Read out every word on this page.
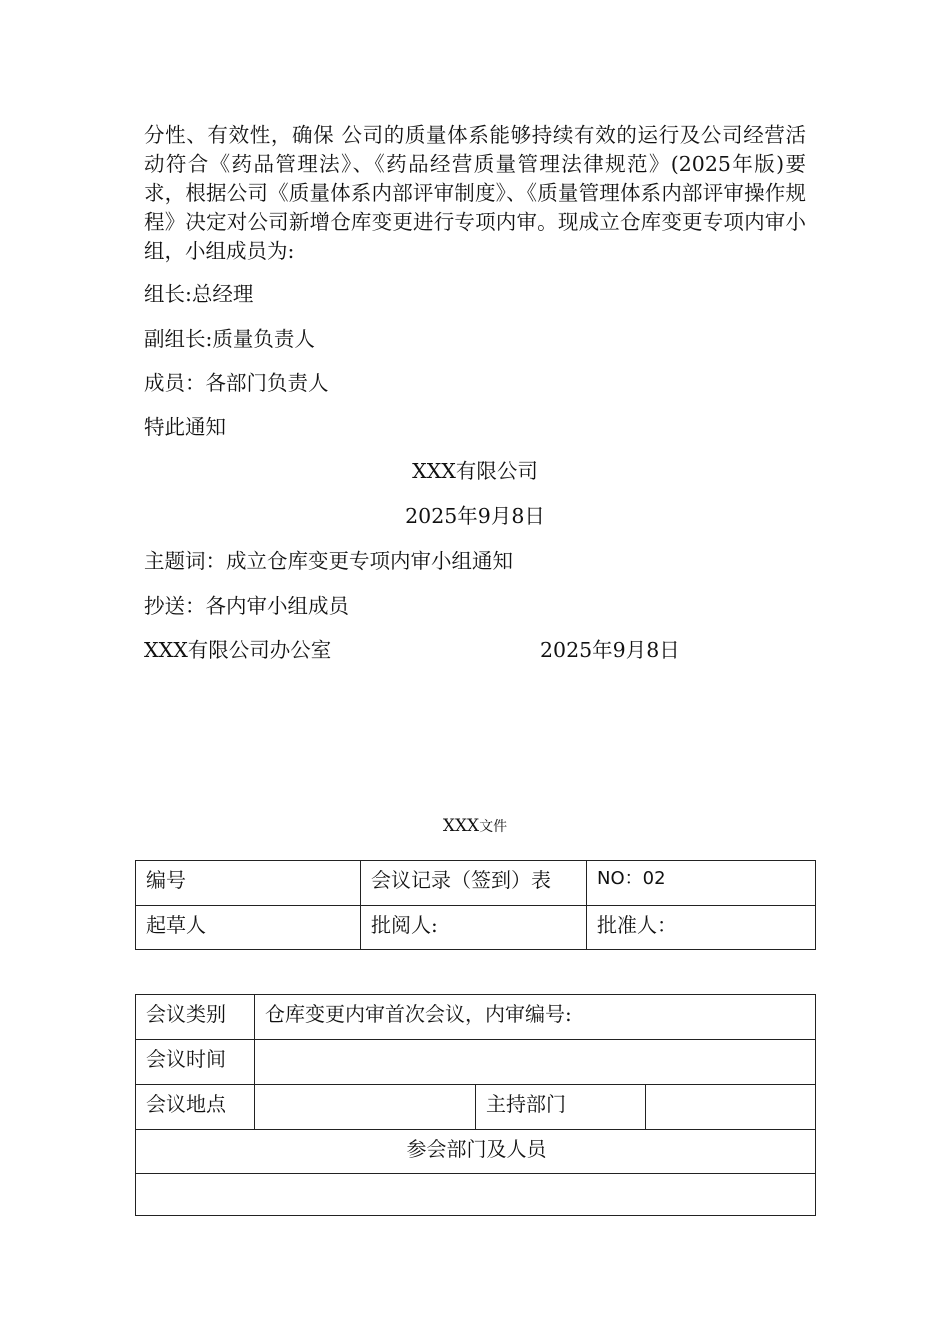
分性、有效性，确保 公司的质量体系能够持续有效的运行及公司经营活动符合《药品管理法》、《药品经营质量管理法律规范》(2025年版)要求，根据公司《质量体系内部评审制度》、《质量管理体系内部评审操作规程》决定对公司新增仓库变更进行专项内审。现成立仓库变更专项内审小组，小组成员为:

组长:总经理

副组长:质量负责人

成员：各部门负责人

特此通知

XXX有限公司

2025年9月8日

主题词：成立仓库变更专项内审小组通知

抄送：各内审小组成员

XXX有限公司办公室	2025年9月8日

XXX文件
编号	会议记录（签到）表	NO：02
起草人	批阅人:	批准人：
会议类别	仓库变更内审首次会议，内审编号:		
会议时间			
会议地点		主持部门	
参会部门及人员			
